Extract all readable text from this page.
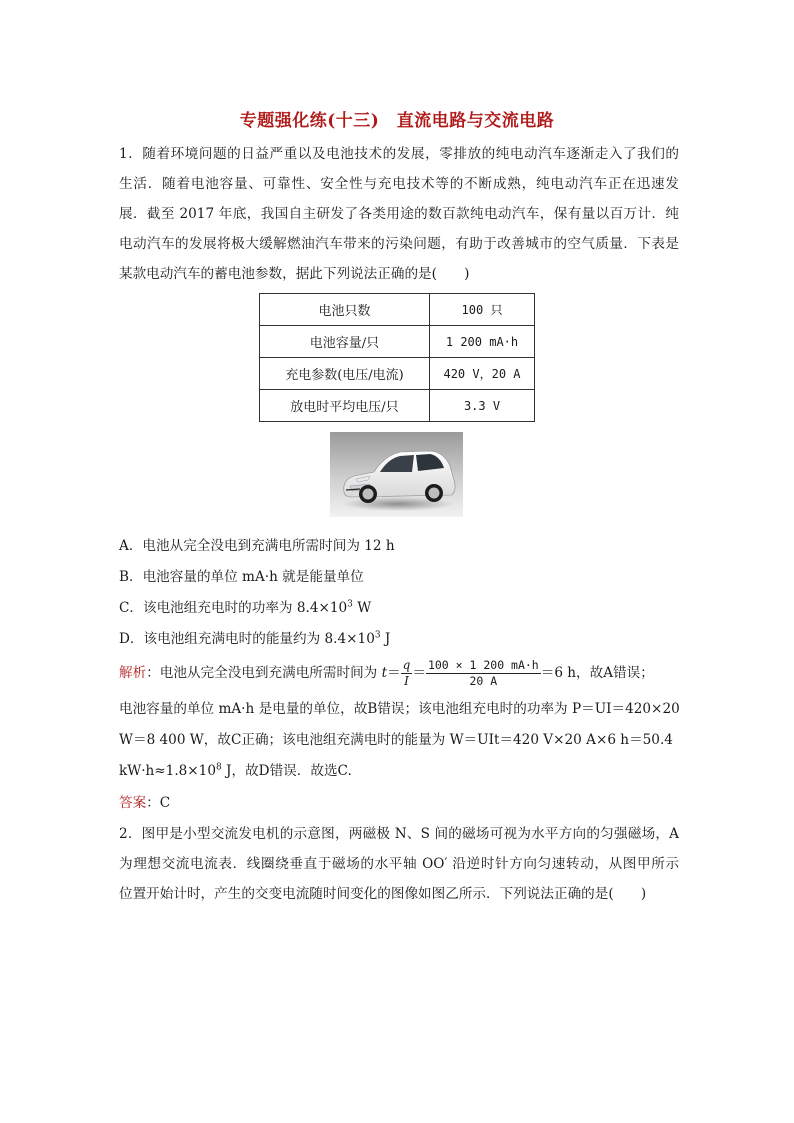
专题强化练(十三)　直流电路与交流电路
1．随着环境问题的日益严重以及电池技术的发展，零排放的纯电动汽车逐渐走入了我们的
生活．随着电池容量、可靠性、安全性与充电技术等的不断成熟，纯电动汽车正在迅速发
展．截至 2017 年底，我国自主研发了各类用途的数百款纯电动汽车，保有量以百万计．纯
电动汽车的发展将极大缓解燃油汽车带来的污染问题，有助于改善城市的空气质量．下表是
某款电动汽车的蓄电池参数，据此下列说法正确的是(　　)
电池只数	100 只
电池容量/只	1 200 mA·h
充电参数(电压/电流)	420 V，20 A
放电时平均电压/只	3.3 V
A．电池从完全没电到充满电所需时间为 12 h
B．电池容量的单位 mA·h 就是能量单位
C．该电池组充电时的功率为 $8.4\times 10^3$ W
D．该电池组充满电时的能量约为 $8.4\times 10^3$ J
解析：电池从完全没电到充满电所需时间为 $t= \frac{q}{I} = \frac{100 \times 1 200 mA\cdot h}{20 A} =6$ h，故A错误；
电池容量的单位 mA·h 是电量的单位，故B错误；该电池组充电时的功率为 P＝UI＝420×20
W＝8 400 W，故C正确；该电池组充满电时的能量为 W＝UIt＝420 V×20 A×6 h＝50.4
$kW\cdot h\approx 1.8\times 10^8$ J，故D错误．故选C.
答案：C
2．图甲是小型交流发电机的示意图，两磁极 N、S 间的磁场可视为水平方向的匀强磁场，A
为理想交流电流表．线圈绕垂直于磁场的水平轴 OO′ 沿逆时针方向匀速转动，从图甲所示
位置开始计时，产生的交变电流随时间变化的图像如图乙所示．下列说法正确的是(　　)
